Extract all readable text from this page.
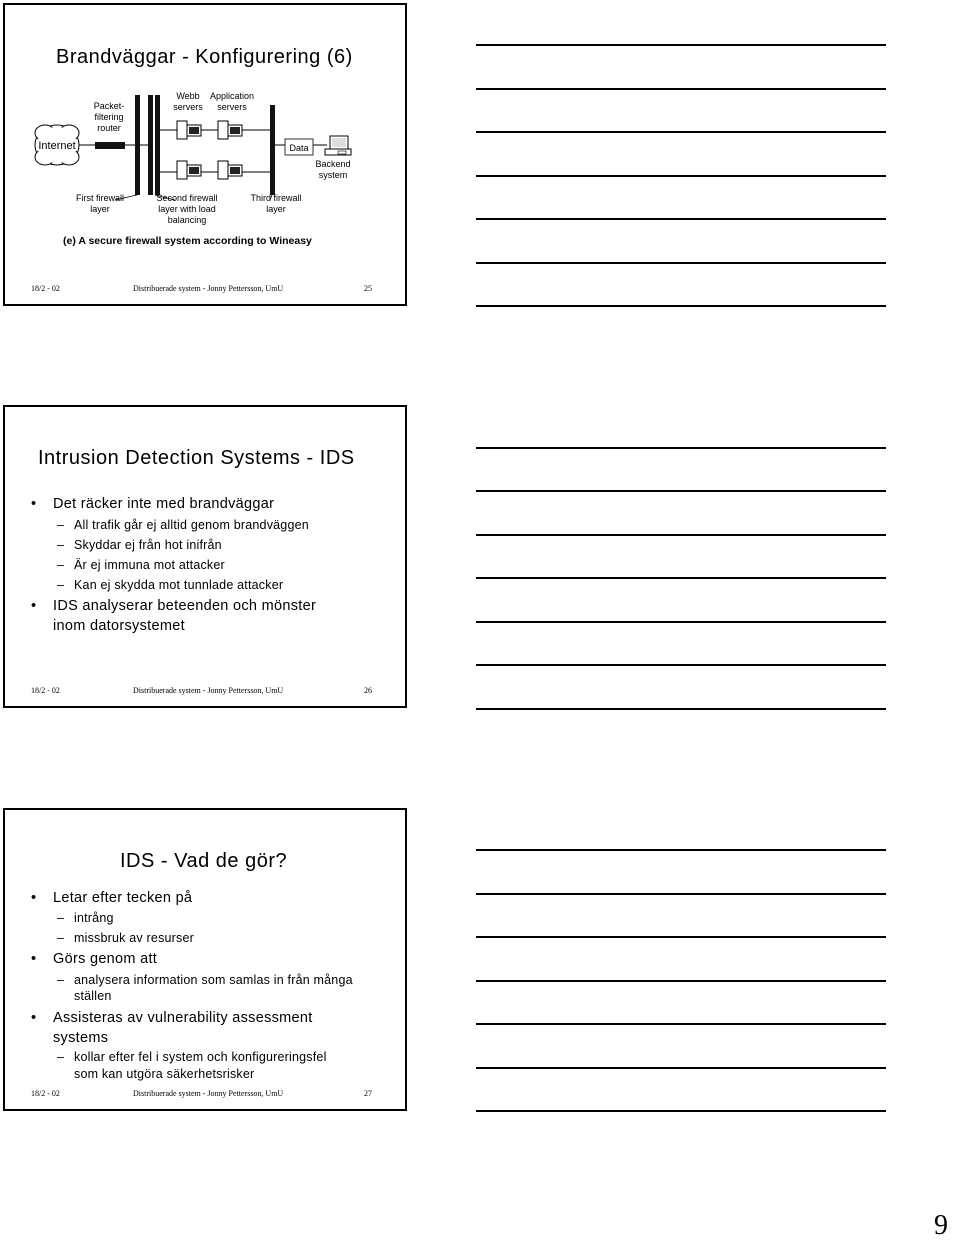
Brandväggar - Konfigurering (6)
Internet	Data
Packet-
filtering
router
Webb
servers
Application
servers
Backend
system
First firewall
layer
Second firewall
layer with load
balancing
Third firewall
layer
(e) A secure firewall system according to Wineasy
18/2 - 02	Distribuerade system - Jonny Pettersson, UmU	25
Intrusion Detection Systems - IDS
• Det räcker inte med brandväggar
– All trafik går ej alltid genom brandväggen
– Skyddar ej från hot inifrån
– Är ej immuna mot attacker
– Kan ej skydda mot tunnlade attacker
• IDS analyserar beteenden och mönster
inom datorsystemet
18/2 - 02	Distribuerade system - Jonny Pettersson, UmU	26
IDS - Vad de gör?
• Letar efter tecken på
– intrång
– missbruk av resurser
• Görs genom att
– analysera information som samlas in från många
ställen
• Assisteras av vulnerability assessment
systems
– kollar efter fel i system och konfigureringsfel
som kan utgöra säkerhetsrisker
18/2 - 02	Distribuerade system - Jonny Pettersson, UmU	27
9
